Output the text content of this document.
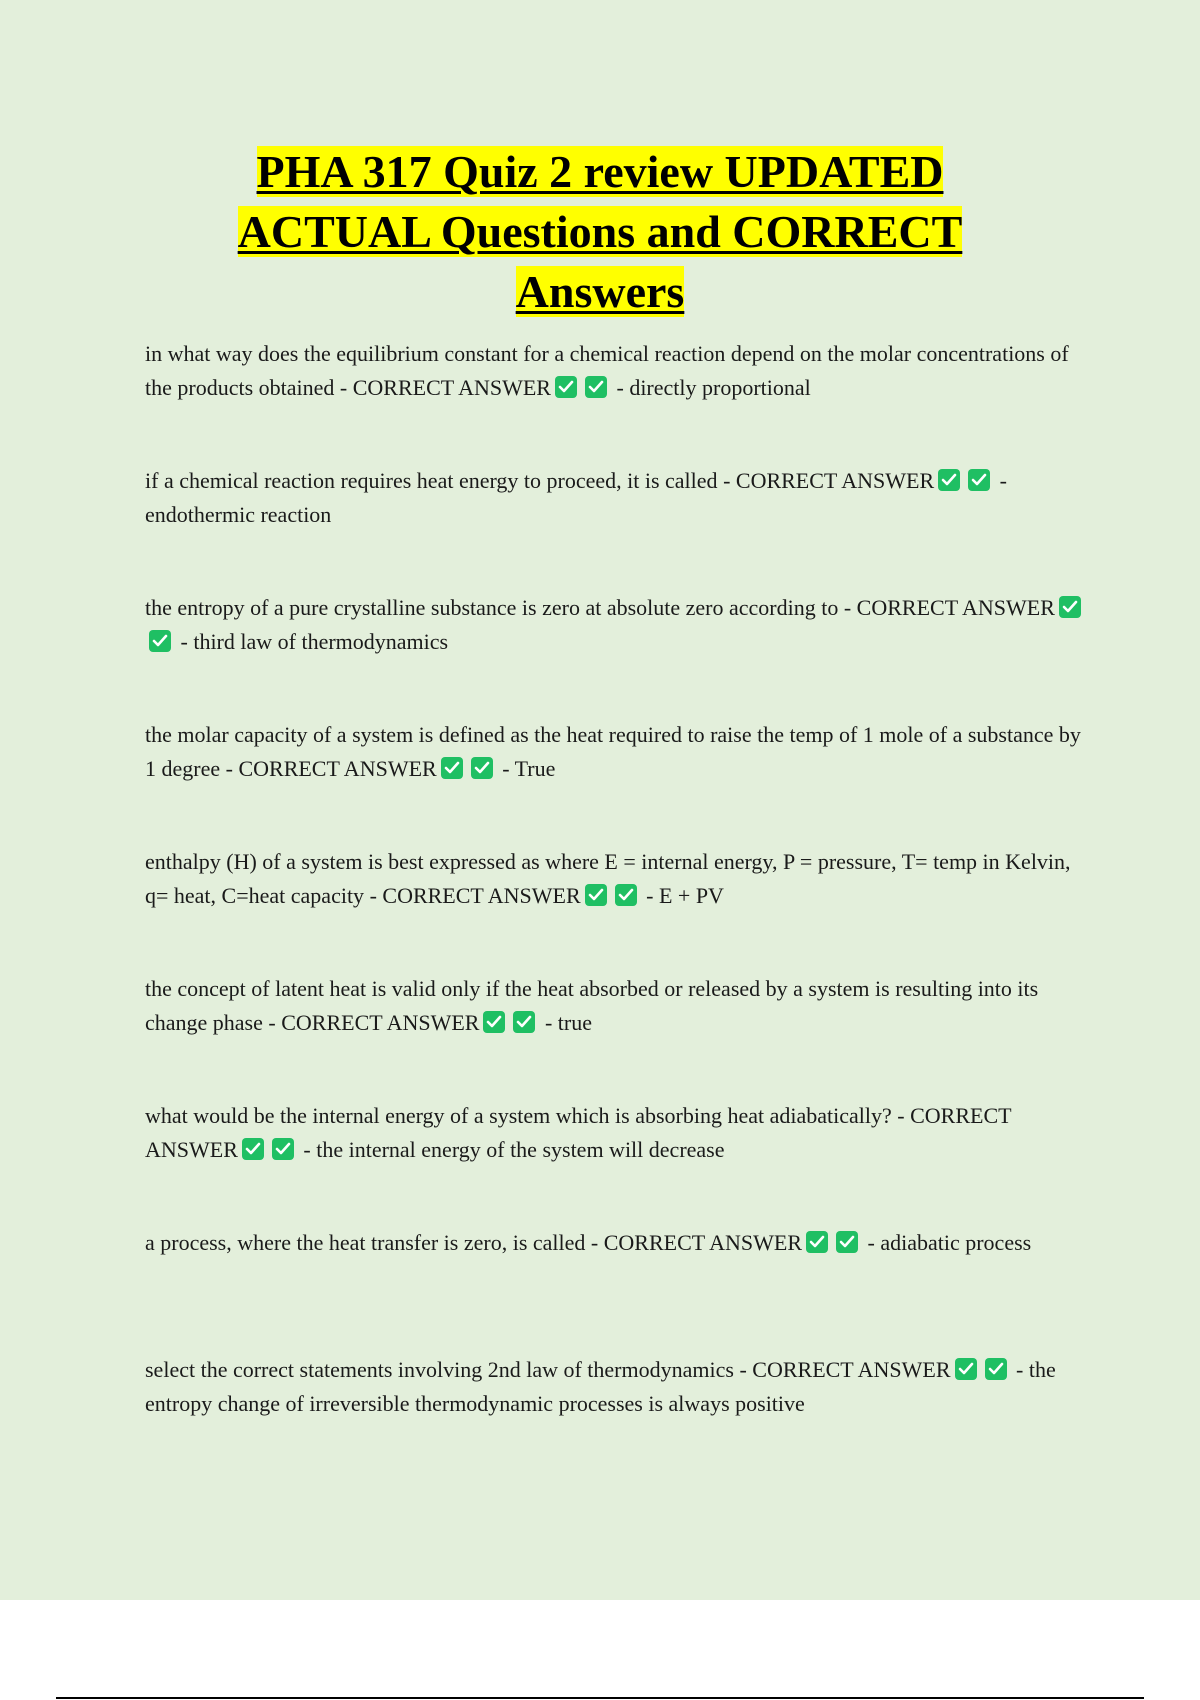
PHA 317 Quiz 2 review UPDATED
ACTUAL Questions and CORRECT
Answers
in what way does the equilibrium constant for a chemical reaction depend on the molar concentrations of the products obtained - CORRECT ANSWER	- directly proportional
if a chemical reaction requires heat energy to proceed, it is called - CORRECT ANSWER	- endothermic reaction
the entropy of a pure crystalline substance is zero at absolute zero according to - CORRECT ANSWER
- third law of thermodynamics
the molar capacity of a system is defined as the heat required to raise the temp of 1 mole of a substance by 1 degree - CORRECT ANSWER	- True
enthalpy (H) of a system is best expressed as where E = internal energy, P = pressure, T= temp in Kelvin, q= heat, C=heat capacity - CORRECT ANSWER	- E + PV
the concept of latent heat is valid only if the heat absorbed or released by a system is resulting into its change phase - CORRECT ANSWER	- true
what would be the internal energy of a system which is absorbing heat adiabatically? - CORRECT ANSWER	- the internal energy of the system will decrease
a process, where the heat transfer is zero, is called - CORRECT ANSWER	- adiabatic process
select the correct statements involving 2nd law of thermodynamics - CORRECT ANSWER	- the entropy change of irreversible thermodynamic processes is always positive
